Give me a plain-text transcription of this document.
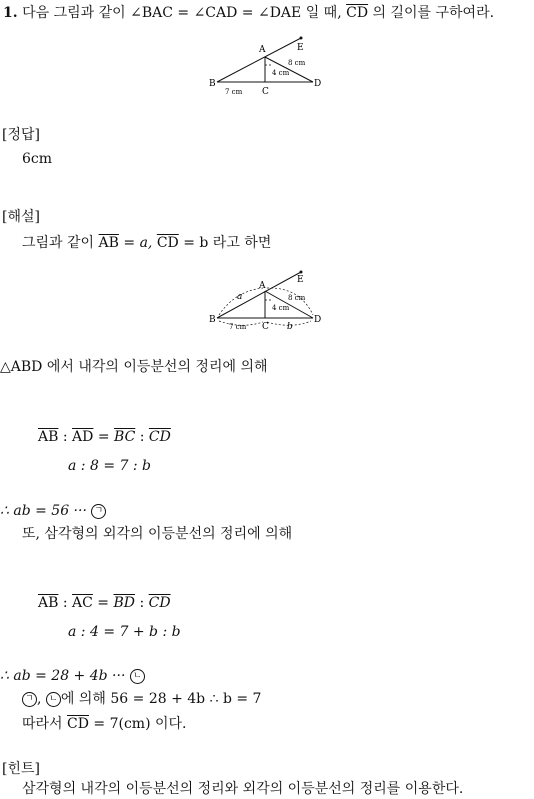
1. 다음 그림과 같이 ∠BAC = ∠CAD = ∠DAE 일 때, $\overline{CD}$ 의 길이를 구하여라.
B
A
C
D
E
7 cm
8 cm
4 cm
[정답]
6cm
[해설]
그림과 같이 $\overline{AB} = a$, $\overline{CD} = b$ 라고 하면
B
A
C
D
E
a
b
7 cm
8 cm
4 cm
△ABD 에서 내각의 이등분선의 정리에 의해
$\overline{AB}$ : $\overline{AD} = \overline{BC}$ : $\overline{CD}$
a : 8 = 7 : b
∴ ab = 56 ··· ㄱ
또, 삼각형의 외각의 이등분선의 정리에 의해
$\overline{AB}$ : $\overline{AC} = \overline{BD}$ : $\overline{CD}$
a : 4 = 7 + b : b
∴ ab = 28 + 4b ··· ㄴ
ㄱ , ㄴ 에 의해 56 = 28 + 4b ∴ b = 7
따라서 $\overline{CD} = 7(cm)$ 이다.
[힌트]
삼각형의 내각의 이등분선의 정리와 외각의 이등분선의 정리를 이용한다.
